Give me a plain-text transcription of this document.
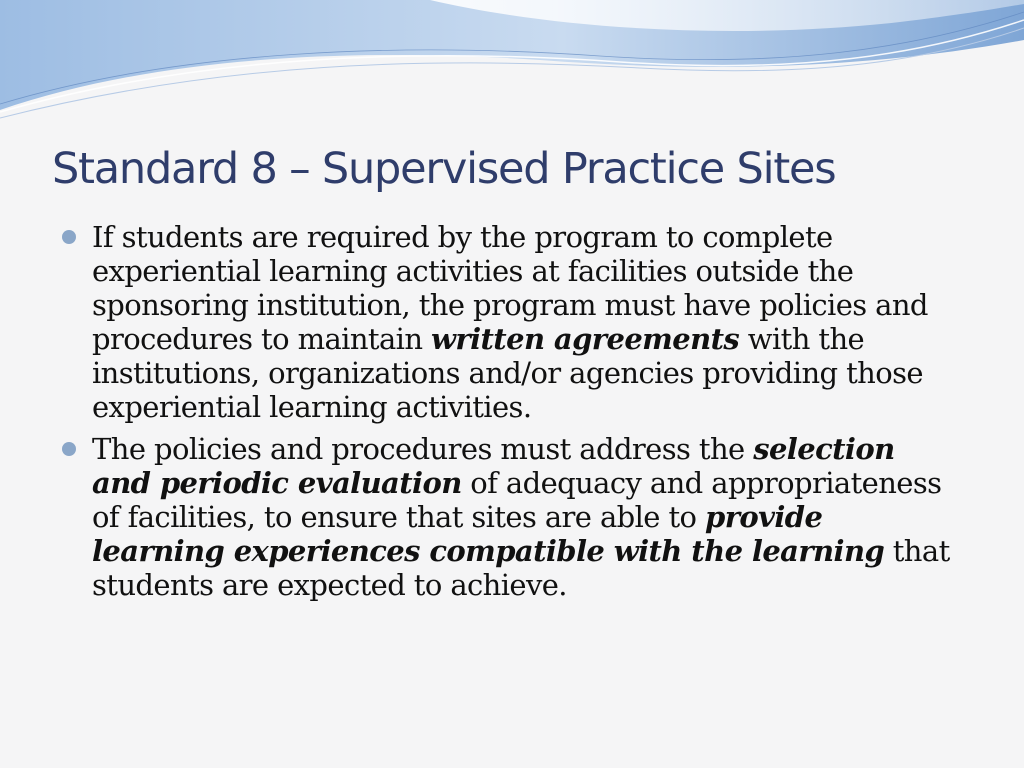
Standard 8 – Supervised Practice Sites
If students are required by the program to complete experiential learning activities at facilities outside the sponsoring institution, the program must have policies and procedures to maintain written agreements with the institutions, organizations and/or agencies providing those experiential learning activities.
The policies and procedures must address the selection and periodic evaluation of adequacy and appropriateness of facilities, to ensure that sites are able to provide learning experiences compatible with the learning that students are expected to achieve.
